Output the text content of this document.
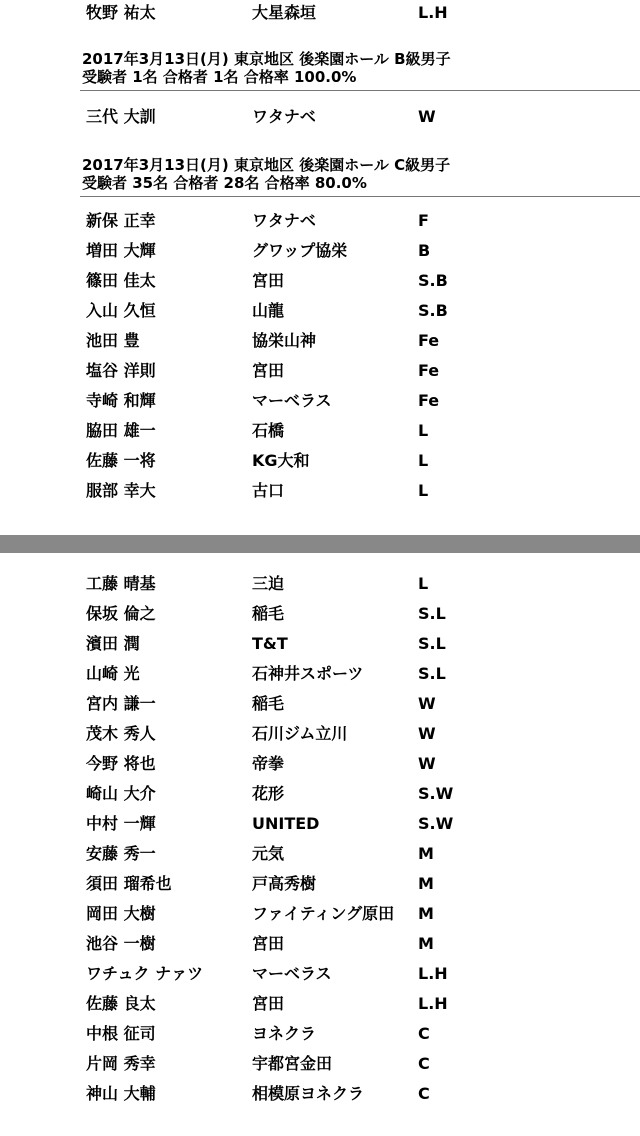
牧野 祐太	大星森垣	L.H
2017年3月13日(月) 東京地区 後楽園ホール B級男子
受験者 1名 合格者 1名 合格率 100.0%
三代 大訓	ワタナベ	W
2017年3月13日(月) 東京地区 後楽園ホール C級男子
受験者 35名 合格者 28名 合格率 80.0%
新保 正幸	ワタナベ	F
増田 大輝	グワップ協栄	B
篠田 佳太	宮田	S.B
入山 久恒	山龍	S.B
池田 豊	協栄山神	Fe
塩谷 洋則	宮田	Fe
寺崎 和輝	マーベラス	Fe
脇田 雄一	石橋	L
佐藤 一将	KG大和	L
服部 幸大	古口	L
工藤 晴基	三迫	L
保坂 倫之	稲毛	S.L
濱田 潤	T&T	S.L
山崎 光	石神井スポーツ	S.L
宮内 謙一	稲毛	W
茂木 秀人	石川ジム立川	W
今野 将也	帝拳	W
崎山 大介	花形	S.W
中村 一輝	UNITED	S.W
安藤 秀一	元気	M
須田 瑠希也	戸高秀樹	M
岡田 大樹	ファイティング原田 M
池谷 一樹	宮田	M
ワチュク ナァツ	マーベラス	L.H
佐藤 良太	宮田	L.H
中根 征司	ヨネクラ	C
片岡 秀幸	宇都宮金田	C
神山 大輔	相模原ヨネクラ	C
